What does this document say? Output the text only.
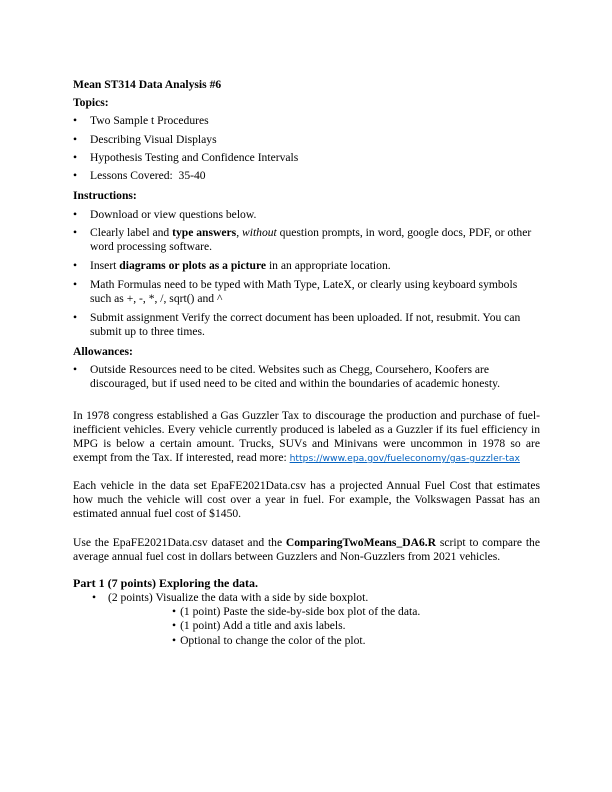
Mean ST314 Data Analysis #6
Topics:
• Two Sample t Procedures
• Describing Visual Displays
• Hypothesis Testing and Confidence Intervals
• Lessons Covered:  35-40
Instructions:
• Download or view questions below.
• Clearly label and type answers, without question prompts, in word, google docs, PDF, or other word processing software.
• Insert diagrams or plots as a picture in an appropriate location.
• Math Formulas need to be typed with Math Type, LateX, or clearly using keyboard symbols such as +, -, *, /, sqrt() and ^
• Submit assignment Verify the correct document has been uploaded. If not, resubmit. You can submit up to three times.
Allowances:
• Outside Resources need to be cited. Websites such as Chegg, Coursehero, Koofers are discouraged, but if used need to be cited and within the boundaries of academic honesty.
In 1978 congress established a Gas Guzzler Tax to discourage the production and purchase of fuel-inefficient vehicles. Every vehicle currently produced is labeled as a Guzzler if its fuel efficiency in MPG is below a certain amount. Trucks, SUVs and Minivans were uncommon in 1978 so are exempt from the Tax. If interested, read more: https://www.epa.gov/fueleconomy/gas-guzzler-tax
Each vehicle in the data set EpaFE2021Data.csv has a projected Annual Fuel Cost that estimates how much the vehicle will cost over a year in fuel. For example, the Volkswagen Passat has an estimated annual fuel cost of $1450.
Use the EpaFE2021Data.csv dataset and the ComparingTwoMeans_DA6.R script to compare the average annual fuel cost in dollars between Guzzlers and Non-Guzzlers from 2021 vehicles.
Part 1 (7 points) Exploring the data.
• (2 points) Visualize the data with a side by side boxplot.
• (1 point) Paste the side-by-side box plot of the data.
• (1 point) Add a title and axis labels.
• Optional to change the color of the plot.
